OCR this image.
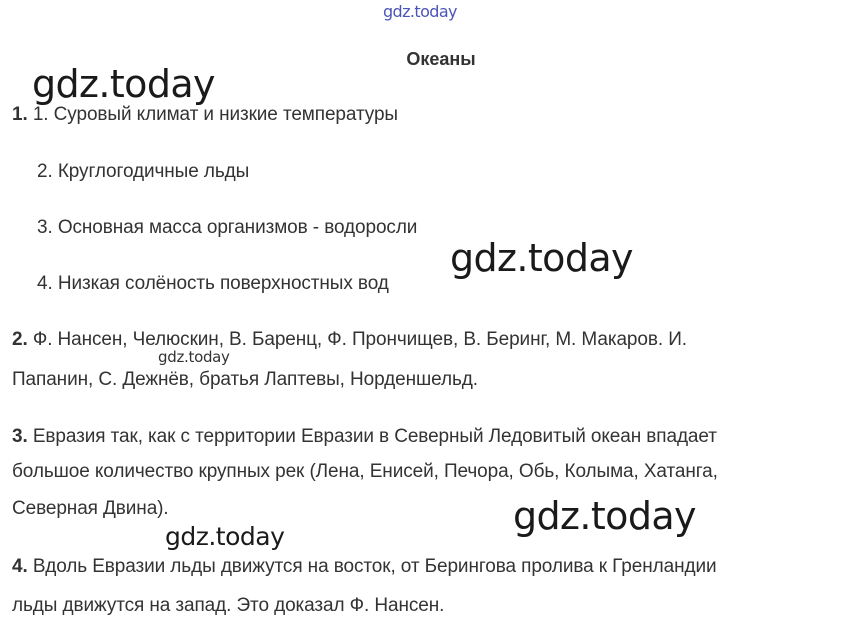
gdz.today
Океаны
gdz.today
1. 1. Суровый климат и низкие температуры
2. Круглогодичные льды
3. Основная масса организмов - водоросли
4. Низкая солёность поверхностных вод
gdz.today
2. Ф. Нансен, Челюскин, В. Баренц, Ф. Прончищев, В. Беринг, М. Макаров. И.
Папанин, С. Дежнёв, братья Лаптевы, Норденшельд.
gdz.today
3. Евразия так, как с территории Евразии в Северный Ледовитый океан впадает
большое количество крупных рек (Лена, Енисей, Печора, Обь, Колыма, Хатанга,
Северная Двина).	gdz.today
gdz.today
4. Вдоль Евразии льды движутся на восток, от Берингова пролива к Гренландии
льды движутся на запад. Это доказал Ф. Нансен.
